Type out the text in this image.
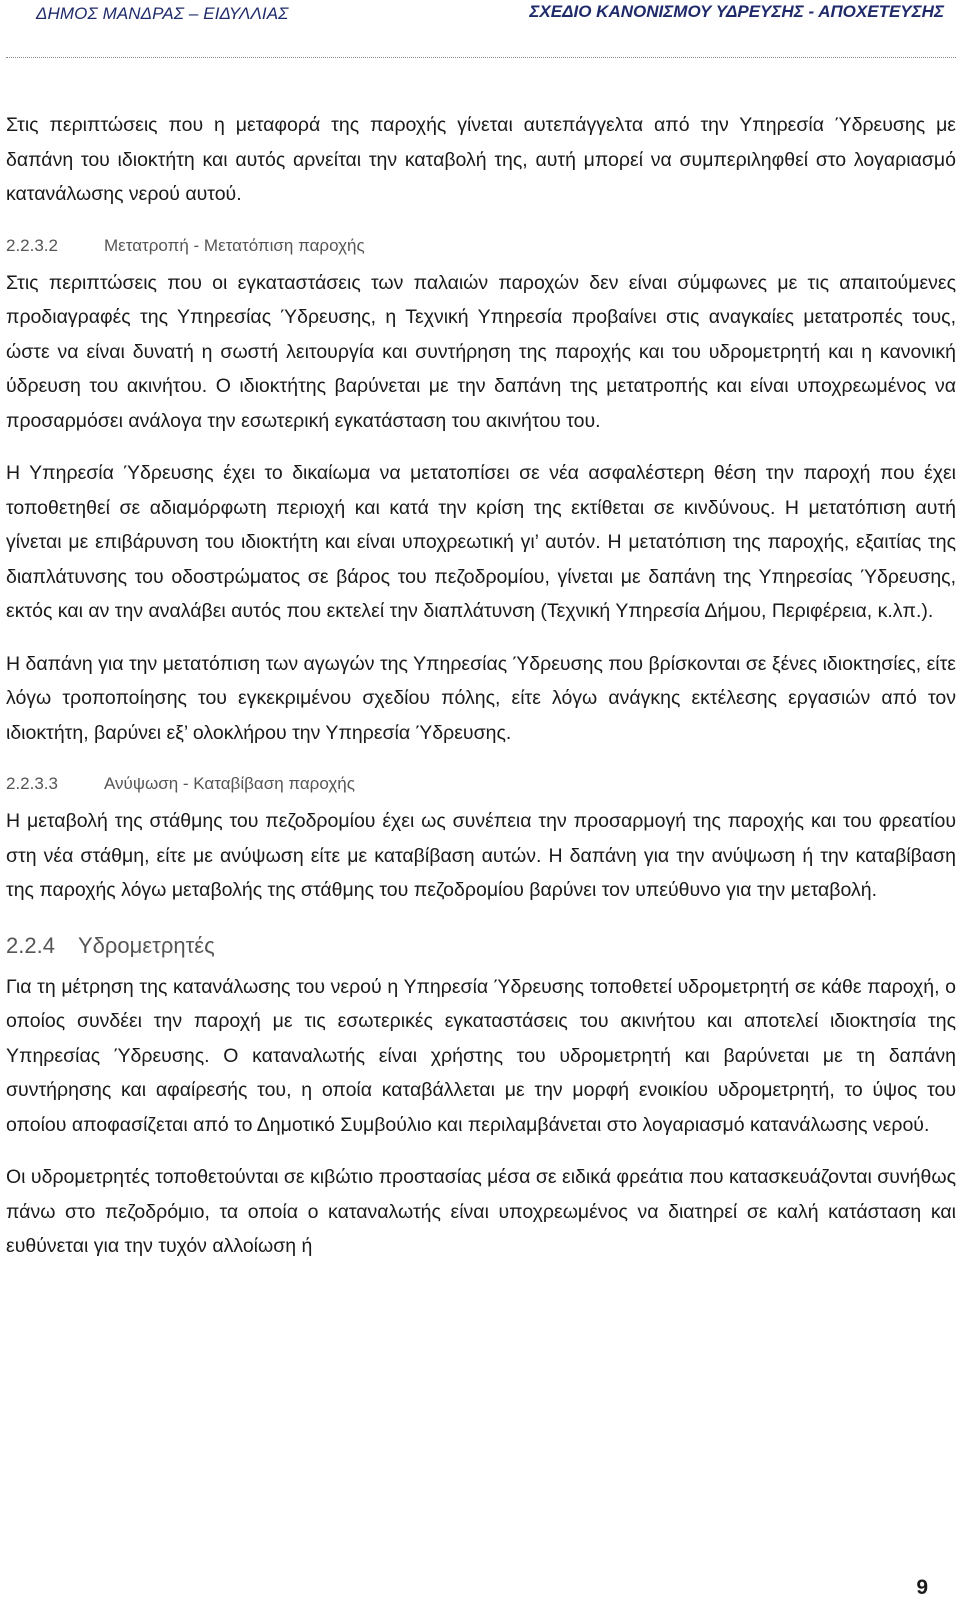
ΔΗΜΟΣ ΜΑΝΔΡΑΣ – ΕΙΔΥΛΛΙΑΣ	ΣΧΕΔΙΟ ΚΑΝΟΝΙΣΜΟΥ ΥΔΡΕΥΣΗΣ - ΑΠΟΧΕΤΕΥΣΗΣ

Στις περιπτώσεις που η μεταφορά της παροχής γίνεται αυτεπάγγελτα από την Υπηρεσία Ύδρευσης με δαπάνη του ιδιοκτήτη και αυτός αρνείται την καταβολή της, αυτή μπορεί να συμπεριληφθεί στο λογαριασμό κατανάλωσης νερού αυτού.

2.2.3.2	Μετατροπή - Μετατόπιση παροχής

Στις περιπτώσεις που οι εγκαταστάσεις των παλαιών παροχών δεν είναι σύμφωνες με τις απαιτούμενες προδιαγραφές της Υπηρεσίας Ύδρευσης, η Τεχνική Υπηρεσία προβαίνει στις αναγκαίες μετατροπές τους, ώστε να είναι δυνατή η σωστή λειτουργία και συντήρηση της παροχής και του υδρομετρητή και η κανονική ύδρευση του ακινήτου. Ο ιδιοκτήτης βαρύνεται με την δαπάνη της μετατροπής και είναι υποχρεωμένος να προσαρμόσει ανάλογα την εσωτερική εγκατάσταση του ακινήτου του.

Η Υπηρεσία Ύδρευσης έχει το δικαίωμα να μετατοπίσει σε νέα ασφαλέστερη θέση την παροχή που έχει τοποθετηθεί σε αδιαμόρφωτη περιοχή και κατά την κρίση της εκτίθεται σε κινδύνους. Η μετατόπιση αυτή γίνεται με επιβάρυνση του ιδιοκτήτη και είναι υποχρεωτική γι’ αυτόν. Η μετατόπιση της παροχής, εξαιτίας της διαπλάτυνσης του οδοστρώματος σε βάρος του πεζοδρομίου, γίνεται με δαπάνη της Υπηρεσίας Ύδρευσης, εκτός και αν την αναλάβει αυτός που εκτελεί την διαπλάτυνση (Τεχνική Υπηρεσία Δήμου, Περιφέρεια, κ.λπ.).

Η δαπάνη για την μετατόπιση των αγωγών της Υπηρεσίας Ύδρευσης που βρίσκονται σε ξένες ιδιοκτησίες, είτε λόγω τροποποίησης του εγκεκριμένου σχεδίου πόλης, είτε λόγω ανάγκης εκτέλεσης εργασιών από τον ιδιοκτήτη, βαρύνει εξ’ ολοκλήρου την Υπηρεσία Ύδρευσης.

2.2.3.3	Ανύψωση - Καταβίβαση παροχής

Η μεταβολή της στάθμης του πεζοδρομίου έχει ως συνέπεια την προσαρμογή της παροχής και του φρεατίου στη νέα στάθμη, είτε με ανύψωση είτε με καταβίβαση αυτών. Η δαπάνη για την ανύψωση ή την καταβίβαση της παροχής λόγω μεταβολής της στάθμης του πεζοδρομίου βαρύνει τον υπεύθυνο για την μεταβολή.

2.2.4 Υδρομετρητές

Για τη μέτρηση της κατανάλωσης του νερού η Υπηρεσία Ύδρευσης τοποθετεί υδρομετρητή σε κάθε παροχή, ο οποίος συνδέει την παροχή με τις εσωτερικές εγκαταστάσεις του ακινήτου και αποτελεί ιδιοκτησία της Υπηρεσίας Ύδρευσης. Ο καταναλωτής είναι χρήστης του υδρομετρητή και βαρύνεται με τη δαπάνη συντήρησης και αφαίρεσής του, η οποία καταβάλλεται με την μορφή ενοικίου υδρομετρητή, το ύψος του οποίου αποφασίζεται από το Δημοτικό Συμβούλιο και περιλαμβάνεται στο λογαριασμό κατανάλωσης νερού.

Οι υδρομετρητές τοποθετούνται σε κιβώτιο προστασίας μέσα σε ειδικά φρεάτια που κατασκευάζονται συνήθως πάνω στο πεζοδρόμιο, τα οποία ο καταναλωτής είναι υποχρεωμένος να διατηρεί σε καλή κατάσταση και ευθύνεται για την τυχόν αλλοίωση ή

9
